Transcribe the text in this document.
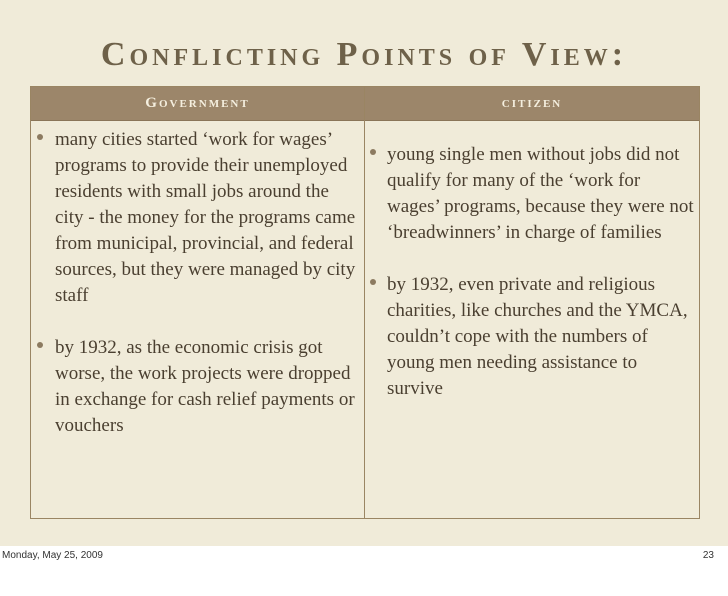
Conflicting Points of View:
Government	citizen
many cities started ‘work for wages’ programs to provide their unemployed residents with small jobs around the city - the money for the programs came from municipal, provincial, and federal sources, but they were managed by city staff
by 1932, as the economic crisis got worse, the work projects were dropped in exchange for cash relief payments or vouchers
young single men without jobs did not qualify for many of the ‘work for wages’ programs, because they were not ‘breadwinners’ in charge of families
by 1932, even private and religious charities, like churches and the YMCA, couldn’t cope with the numbers of young men needing assistance to survive
Monday, May 25, 2009	23
